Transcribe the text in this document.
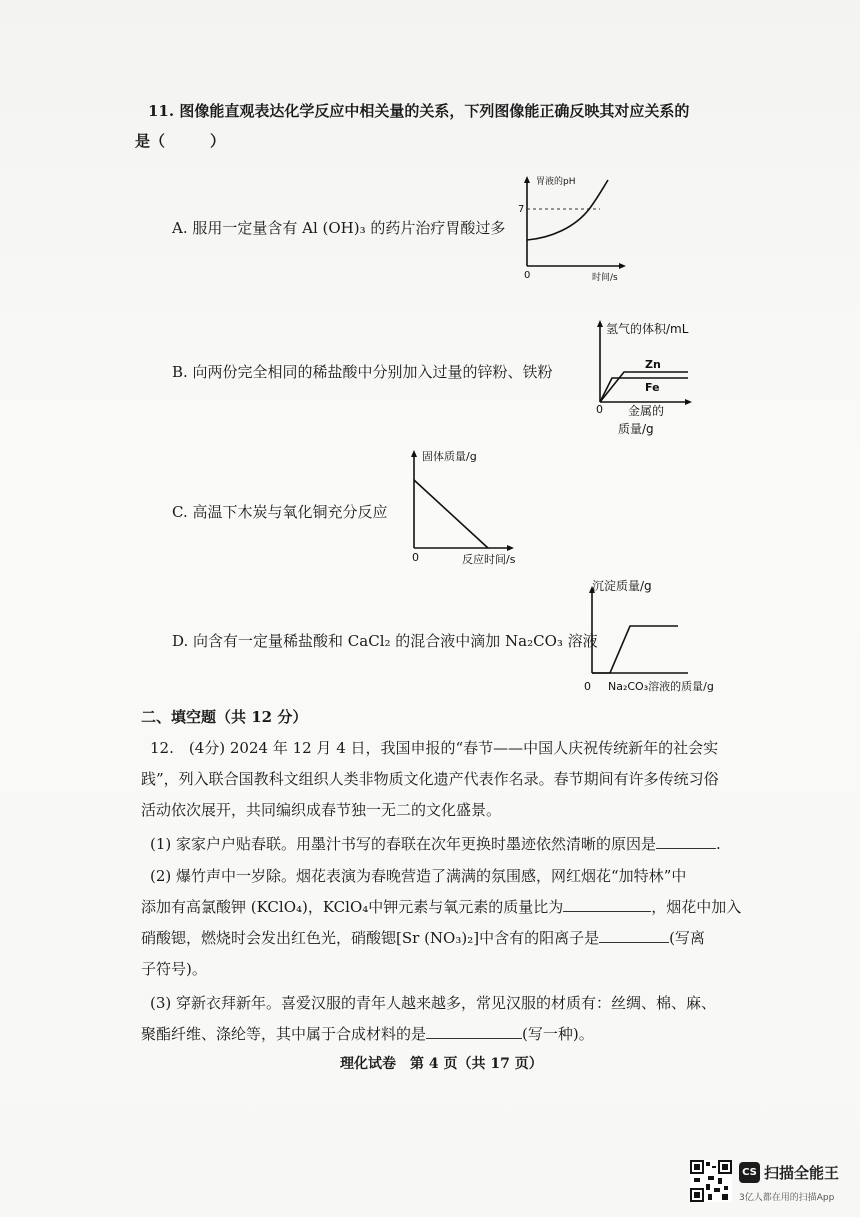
11. 图像能直观表达化学反应中相关量的关系，下列图像能正确反映其对应关系的
是（　　　）
A. 服用一定量含有 Al (OH)₃ 的药片治疗胃酸过多
胃液的pH
7
0	时间/s
B. 向两份完全相同的稀盐酸中分别加入过量的锌粉、铁粉
氢气的体积/mL
Zn
Fe
0 金属的
质量/g
C. 高温下木炭与氧化铜充分反应
固体质量/g
0	反应时间/s
D. 向含有一定量稀盐酸和 CaCl₂ 的混合液中滴加 Na₂CO₃ 溶液
沉淀质量/g
0 Na₂CO₃溶液的质量/g
二、填空题（共 12 分）
12.　(4分) 2024 年 12 月 4 日，我国申报的“春节——中国人庆祝传统新年的社会实
践”，列入联合国教科文组织人类非物质文化遗产代表作名录。春节期间有许多传统习俗
活动依次展开，共同编织成春节独一无二的文化盛景。
(1) 家家户户贴春联。用墨汁书写的春联在次年更换时墨迹依然清晰的原因是	.
(2) 爆竹声中一岁除。烟花表演为春晚营造了满满的氛围感，网红烟花“加特林”中
添加有高氯酸钾 (KClO₄)，KClO₄中钾元素与氧元素的质量比为	，烟花中加入
硝酸锶，燃烧时会发出红色光，硝酸锶[Sr (NO₃)₂]中含有的阳离子是	(写离
子符号)。
(3) 穿新衣拜新年。喜爱汉服的青年人越来越多，常见汉服的材质有：丝绸、棉、麻、
聚酯纤维、涤纶等，其中属于合成材料的是	(写一种)。
理化试卷　第 4 页（共 17 页）
CS 扫描全能王
3亿人都在用的扫描App
